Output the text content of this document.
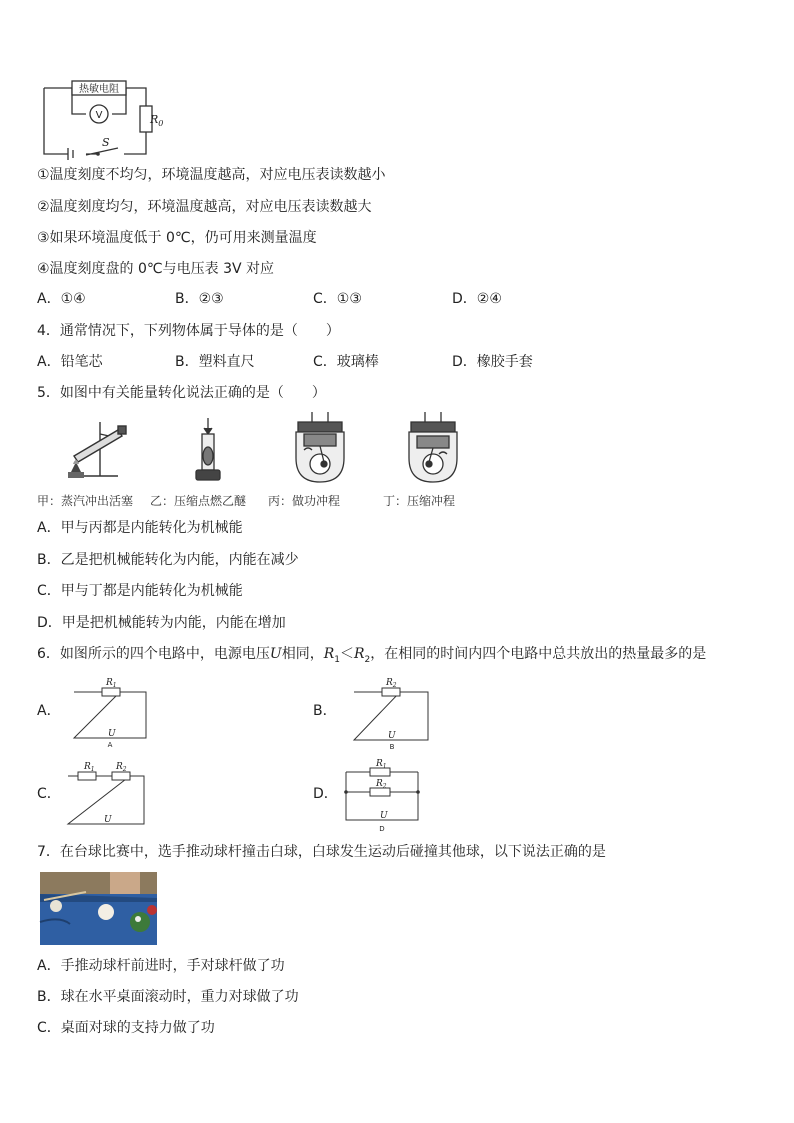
热敏电阻
V	$R_0$
S
①温度刻度不均匀，环境温度越高，对应电压表读数越小
②温度刻度均匀，环境温度越高，对应电压表读数越大
③如果环境温度低于 0℃，仍可用来测量温度
④温度刻度盘的 0℃与电压表 3V 对应
A．①④	B．②③	C．①③	D．②④
4．通常情况下，下列物体属于导体的是（　　）
A．铅笔芯	B．塑料直尺	C．玻璃棒	D．橡胶手套
5．如图中有关能量转化说法正确的是（　　）
甲：蒸汽冲出活塞 乙：压缩点燃乙醚 丙：做功冲程	丁：压缩冲程
A．甲与丙都是内能转化为机械能
B．乙是把机械能转化为内能，内能在减少
C．甲与丁都是内能转化为机械能
D．甲是把机械能转为内能，内能在增加
6．如图所示的四个电路中，电源电压U相同，$R_1<R_2$，在相同的时间内四个电路中总共放出的热量最多的是
A．	B．
C．	D．
$R_1$
U
A
$R_2$
U
B
$R_1$ $R_2$
U
$R_1$
$R_2$
U
D
7．在台球比赛中，选手推动球杆撞击白球，白球发生运动后碰撞其他球，以下说法正确的是
A．手推动球杆前进时，手对球杆做了功
B．球在水平桌面滚动时，重力对球做了功
C．桌面对球的支持力做了功
